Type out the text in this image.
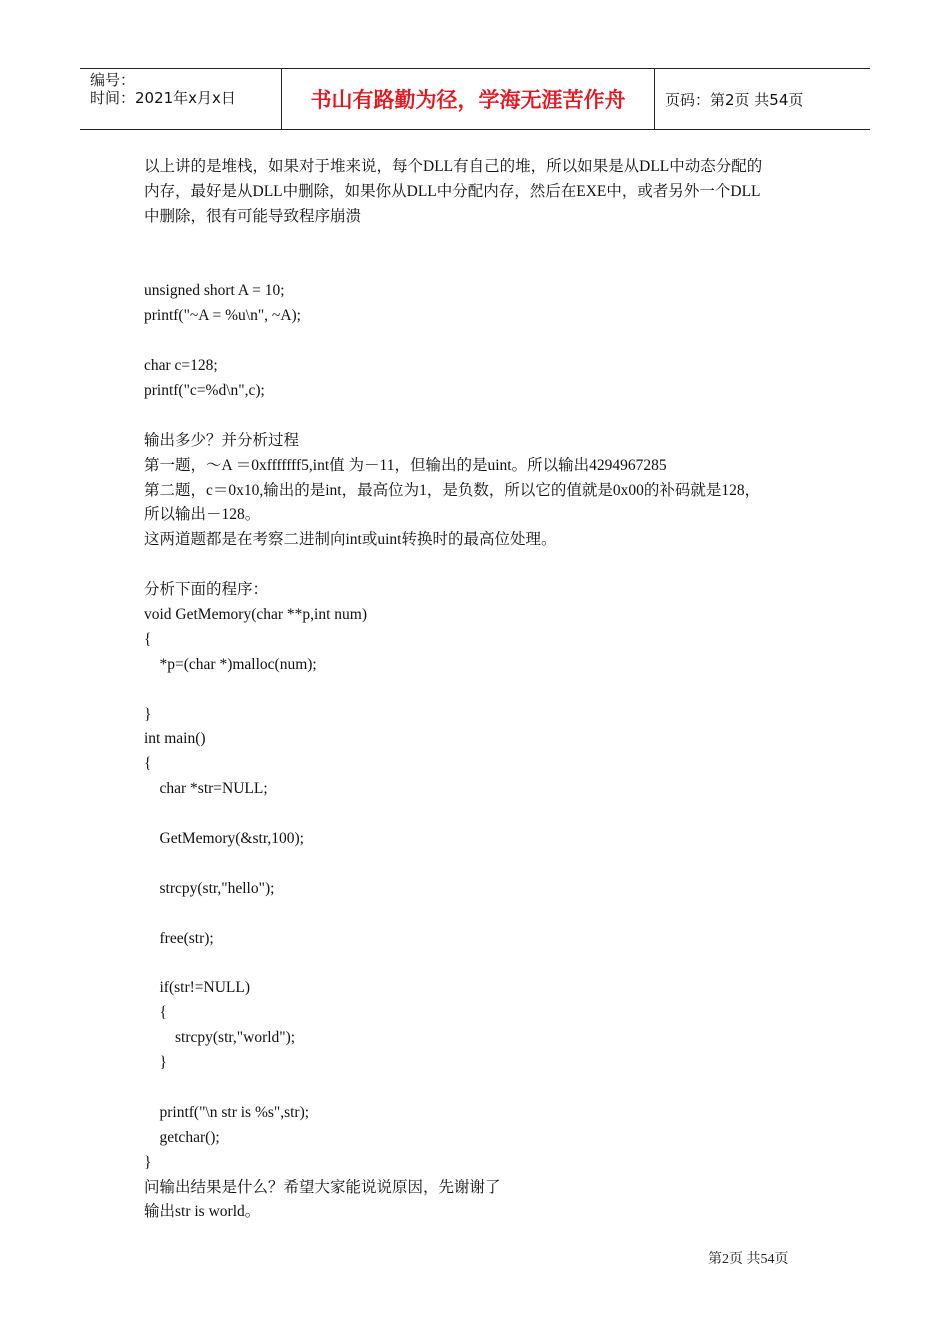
编号：
时间：2021年x月x日	书山有路勤为径，学海无涯苦作舟	页码：第2页 共54页
以上讲的是堆栈，如果对于堆来说，每个DLL有自己的堆，所以如果是从DLL中动态分配的
内存，最好是从DLL中删除，如果你从DLL中分配内存，然后在EXE中，或者另外一个DLL
中删除，很有可能导致程序崩溃
unsigned short A = 10;
printf("~A = %u\n", ~A);
char c=128;
printf("c=%d\n",c);
输出多少？并分析过程
第一题，～A ＝0xfffffff5,int值 为－11，但输出的是uint。所以输出4294967285
第二题，c＝0x10,输出的是int，最高位为1，是负数，所以它的值就是0x00的补码就是128，
所以输出－128。
这两道题都是在考察二进制向int或uint转换时的最高位处理。
分析下面的程序：
void GetMemory(char **p,int num)
{
*p=(char *)malloc(num);
}
int main()
{
char *str=NULL;
GetMemory(&str,100);
strcpy(str,"hello");
free(str);
if(str!=NULL)
{
strcpy(str,"world");
}
printf("\n str is %s",str);
getchar();
}
问输出结果是什么？希望大家能说说原因，先谢谢了
输出str is world。
第2页 共54页
